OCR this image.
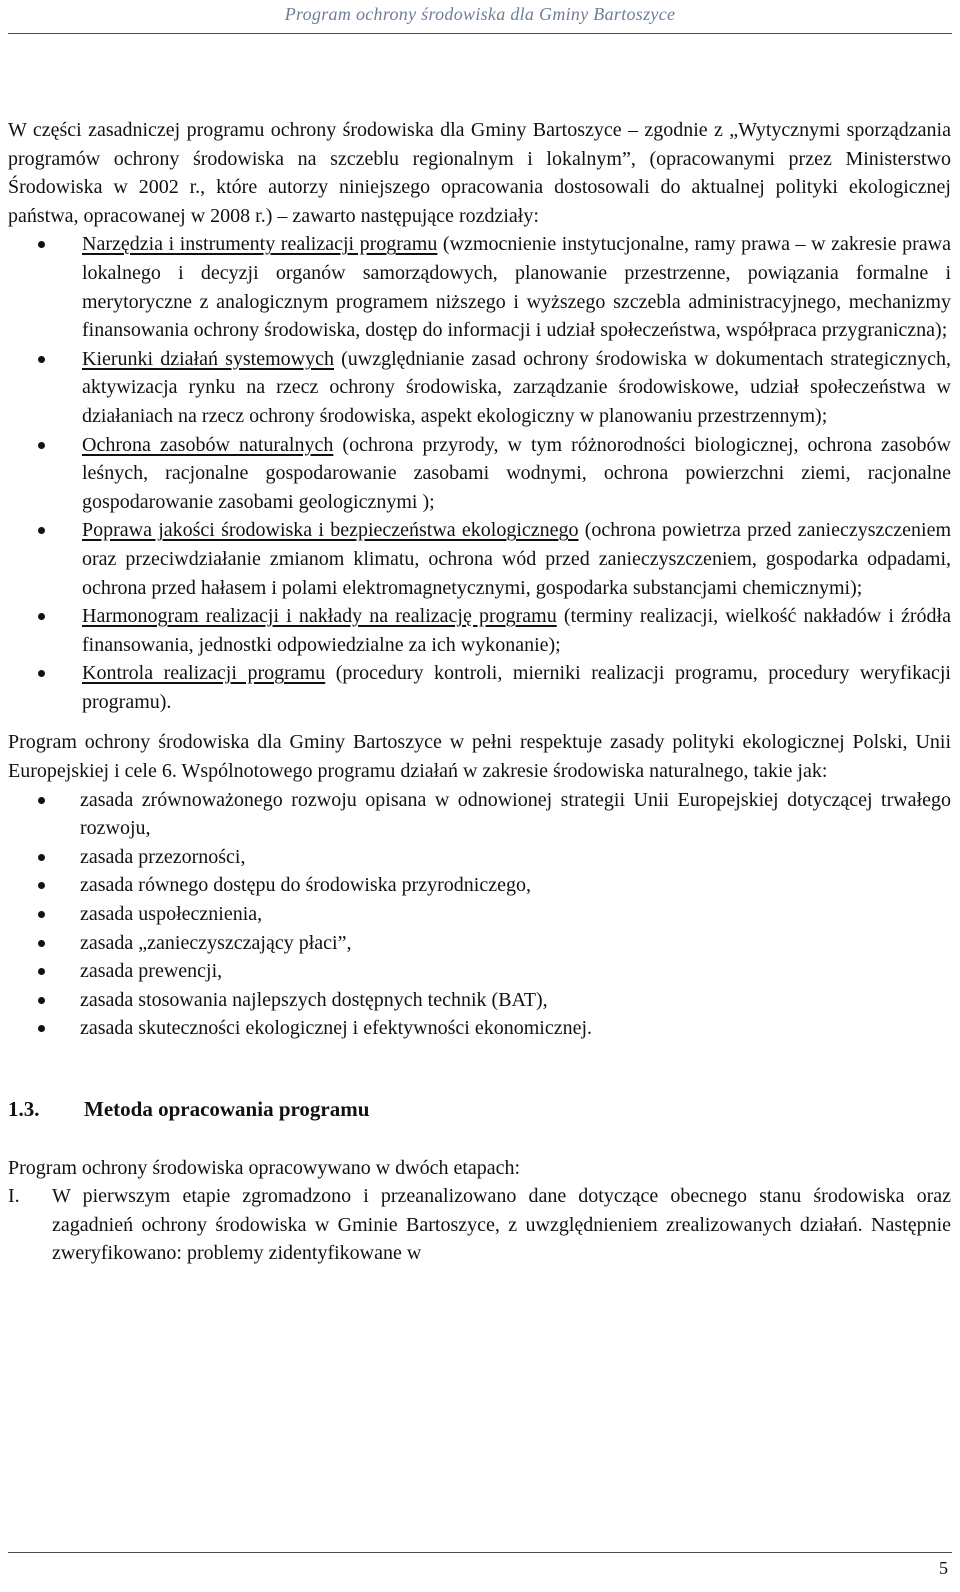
Program ochrony środowiska dla Gminy Bartoszyce

W części zasadniczej programu ochrony środowiska dla Gminy Bartoszyce – zgodnie z „Wytycznymi sporządzania programów ochrony środowiska na szczeblu regionalnym i lokalnym”, (opracowanymi przez Ministerstwo Środowiska w 2002 r., które autorzy niniejszego opracowania dostosowali do aktualnej polityki ekologicznej państwa, opracowanej w 2008 r.) – zawarto następujące rozdziały:

Narzędzia i instrumenty realizacji programu (wzmocnienie instytucjonalne, ramy prawa – w zakresie prawa lokalnego i decyzji organów samorządowych, planowanie przestrzenne, powiązania formalne i merytoryczne z analogicznym programem niższego i wyższego szczebla administracyjnego, mechanizmy finansowania ochrony środowiska, dostęp do informacji i udział społeczeństwa, współpraca przygraniczna);
Kierunki działań systemowych (uwzględnianie zasad ochrony środowiska w dokumentach strategicznych, aktywizacja rynku na rzecz ochrony środowiska, zarządzanie środowiskowe, udział społeczeństwa w działaniach na rzecz ochrony środowiska, aspekt ekologiczny w planowaniu przestrzennym);
Ochrona zasobów naturalnych (ochrona przyrody, w tym różnorodności biologicznej, ochrona zasobów leśnych, racjonalne gospodarowanie zasobami wodnymi, ochrona powierzchni ziemi, racjonalne gospodarowanie zasobami geologicznymi );
Poprawa jakości środowiska i bezpieczeństwa ekologicznego (ochrona powietrza przed zanieczyszczeniem oraz przeciwdziałanie zmianom klimatu, ochrona wód przed zanieczyszczeniem, gospodarka odpadami, ochrona przed hałasem i polami elektromagnetycznymi, gospodarka substancjami chemicznymi);
Harmonogram realizacji i nakłady na realizację programu (terminy realizacji, wielkość nakładów i źródła finansowania, jednostki odpowiedzialne za ich wykonanie);
Kontrola realizacji programu (procedury kontroli, mierniki realizacji programu, procedury weryfikacji programu).

Program ochrony środowiska dla Gminy Bartoszyce w pełni respektuje zasady polityki ekologicznej Polski, Unii Europejskiej i cele 6. Wspólnotowego programu działań w zakresie środowiska naturalnego, takie jak:

zasada zrównoważonego rozwoju opisana w odnowionej strategii Unii Europejskiej dotyczącej trwałego rozwoju,
zasada przezorności,
zasada równego dostępu do środowiska przyrodniczego,
zasada uspołecznienia,
zasada „zanieczyszczający płaci”,
zasada prewencji,
zasada stosowania najlepszych dostępnych technik (BAT),
zasada skuteczności ekologicznej i efektywności ekonomicznej.
1.3.	Metoda opracowania programu

Program ochrony środowiska opracowywano w dwóch etapach:

I. W pierwszym etapie zgromadzono i przeanalizowano dane dotyczące obecnego stanu środowiska oraz zagadnień ochrony środowiska w Gminie Bartoszyce, z uwzględnieniem zrealizowanych działań. Następnie zweryfikowano: problemy zidentyfikowane w
5
